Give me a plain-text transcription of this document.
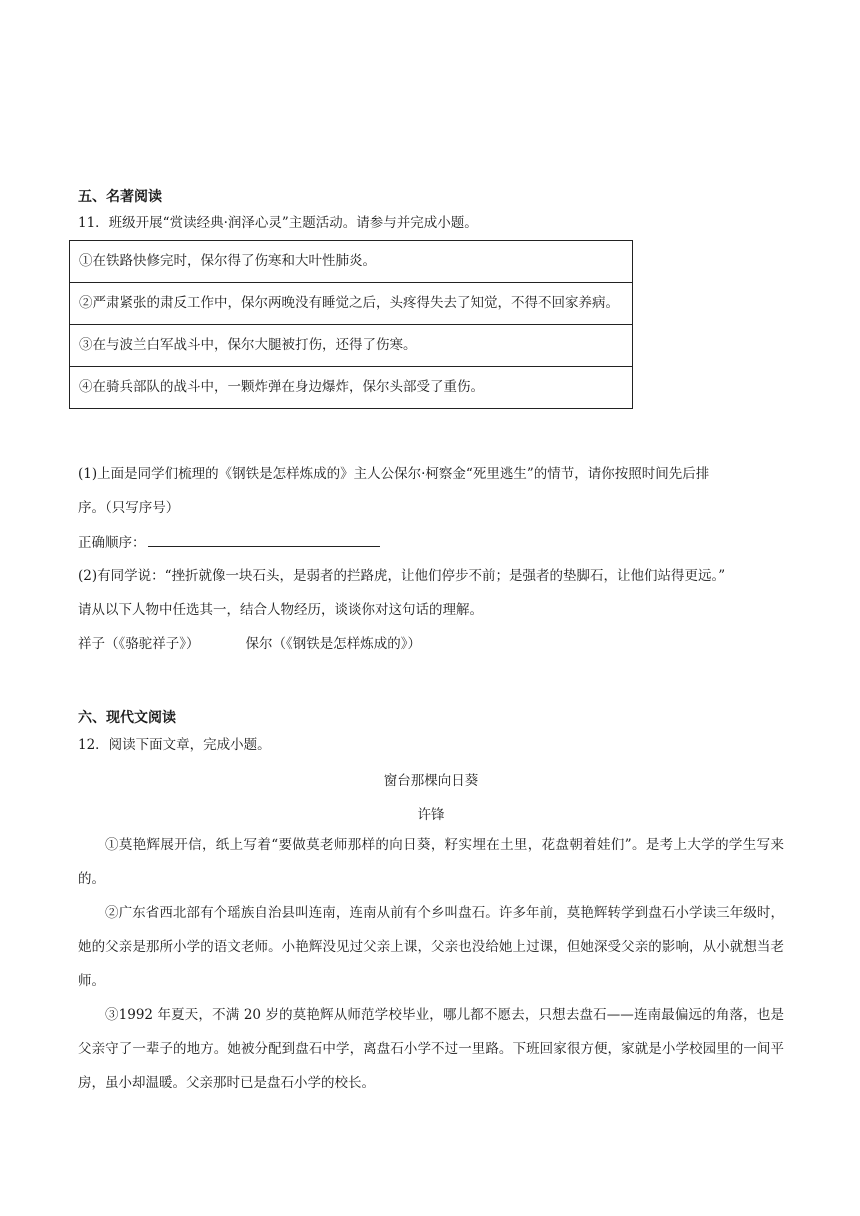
五、名著阅读
11．班级开展“赏读经典·润泽心灵”主题活动。请参与并完成小题。
①在铁路快修完时，保尔得了伤寒和大叶性肺炎。
②严肃紧张的肃反工作中，保尔两晚没有睡觉之后，头疼得失去了知觉，不得不回家养病。
③在与波兰白军战斗中，保尔大腿被打伤，还得了伤寒。
④在骑兵部队的战斗中，一颗炸弹在身边爆炸，保尔头部受了重伤。
(1)上面是同学们梳理的《钢铁是怎样炼成的》主人公保尔·柯察金“死里逃生”的情节，请你按照时间先后排
序。（只写序号）
正确顺序：
(2)有同学说：“挫折就像一块石头，是弱者的拦路虎，让他们停步不前；是强者的垫脚石，让他们站得更远。”
请从以下人物中任选其一，结合人物经历，谈谈你对这句话的理解。
祥子（《骆驼祥子》）	保尔（《钢铁是怎样炼成的》）
六、现代文阅读
12．阅读下面文章，完成小题。
窗台那棵向日葵
许锋
①莫艳辉展开信，纸上写着“要做莫老师那样的向日葵，籽实埋在土里，花盘朝着娃们”。是考上大学的学生写来的。
②广东省西北部有个瑶族自治县叫连南，连南从前有个乡叫盘石。许多年前，莫艳辉转学到盘石小学读三年级时，她的父亲是那所小学的语文老师。小艳辉没见过父亲上课，父亲也没给她上过课，但她深受父亲的影响，从小就想当老师。
③1992 年夏天，不满 20 岁的莫艳辉从师范学校毕业，哪儿都不愿去，只想去盘石——连南最偏远的角落，也是父亲守了一辈子的地方。她被分配到盘石中学，离盘石小学不过一里路。下班回家很方便，家就是小学校园里的一间平房，虽小却温暖。父亲那时已是盘石小学的校长。
